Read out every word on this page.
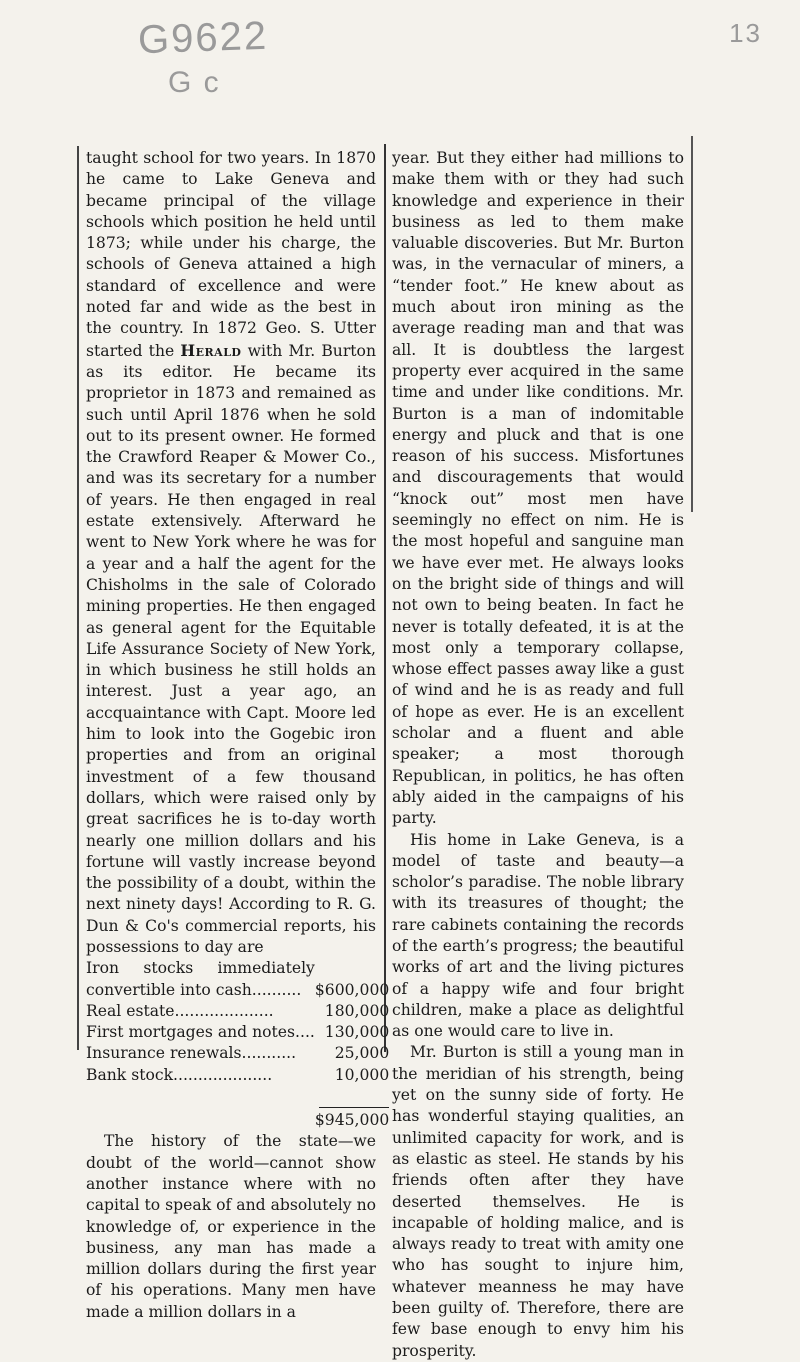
G9622
G c
13

taught school for two years. In 1870 he came to Lake Geneva and became principal of the village schools which position he held until 1873; while under his charge, the schools of Geneva attained a high standard of excellence and were noted far and wide as the best in the country. In 1872 Geo. S. Utter started the Herald with Mr. Burton as its editor. He became its proprietor in 1873 and remained as such until April 1876 when he sold out to its present owner. He formed the Crawford Reaper & Mower Co., and was its secretary for a number of years. He then engaged in real estate extensively. Afterward he went to New York where he was for a year and a half the agent for the Chisholms in the sale of Colorado mining properties. He then engaged as general agent for the Equitable Life Assurance Society of New York, in which business he still holds an interest. Just a year ago, an accquaintance with Capt. Moore led him to look into the Gogebic iron properties and from an original investment of a few thousand dollars, which were raised only by great sacrifices he is to-day worth nearly one million dollars and his fortune will vastly increase beyond the possibility of a doubt, within the next ninety days! According to R. G. Dun & Co's commercial reports, his possessions to day are

Iron stocks immediately convertible into cash..........	$600,000
Real estate....................	180,000
First mortgages and notes....	130,000
Insurance renewals...........	25,000
Bank stock....................	10,000

$945,000

The history of the state—we doubt of the world—cannot show another instance where with no capital to speak of and absolutely no knowledge of, or experience in the business, any man has made a million dollars during the first year of his operations. Many men have made a million dollars in a

year. But they either had millions to make them with or they had such knowledge and experience in their business as led to them make valuable discoveries. But Mr. Burton was, in the vernacular of miners, a “tender foot.” He knew about as much about iron mining as the average reading man and that was all. It is doubtless the largest property ever acquired in the same time and under like conditions. Mr. Burton is a man of indomitable energy and pluck and that is one reason of his success. Misfortunes and discouragements that would “knock out” most men have seemingly no effect on nim. He is the most hopeful and sanguine man we have ever met. He always looks on the bright side of things and will not own to being beaten. In fact he never is totally defeated, it is at the most only a temporary collapse, whose effect passes away like a gust of wind and he is as ready and full of hope as ever. He is an excellent scholar and a fluent and able speaker; a most thorough Republican, in politics, he has often ably aided in the campaigns of his party.

His home in Lake Geneva, is a model of taste and beauty—a scholor’s paradise. The noble library with its treasures of thought; the rare cabinets containing the records of the earth’s progress; the beautiful works of art and the living pictures of a happy wife and four bright children, make a place as delightful as one would care to live in.

Mr. Burton is still a young man in the meridian of his strength, being yet on the sunny side of forty. He has wonderful staying qualities, an unlimited capacity for work, and is as elastic as steel. He stands by his friends often after they have deserted themselves. He is incapable of holding malice, and is always ready to treat with amity one who has sought to injure him, whatever meanness he may have been guilty of. Therefore, there are few base enough to envy him his prosperity.
